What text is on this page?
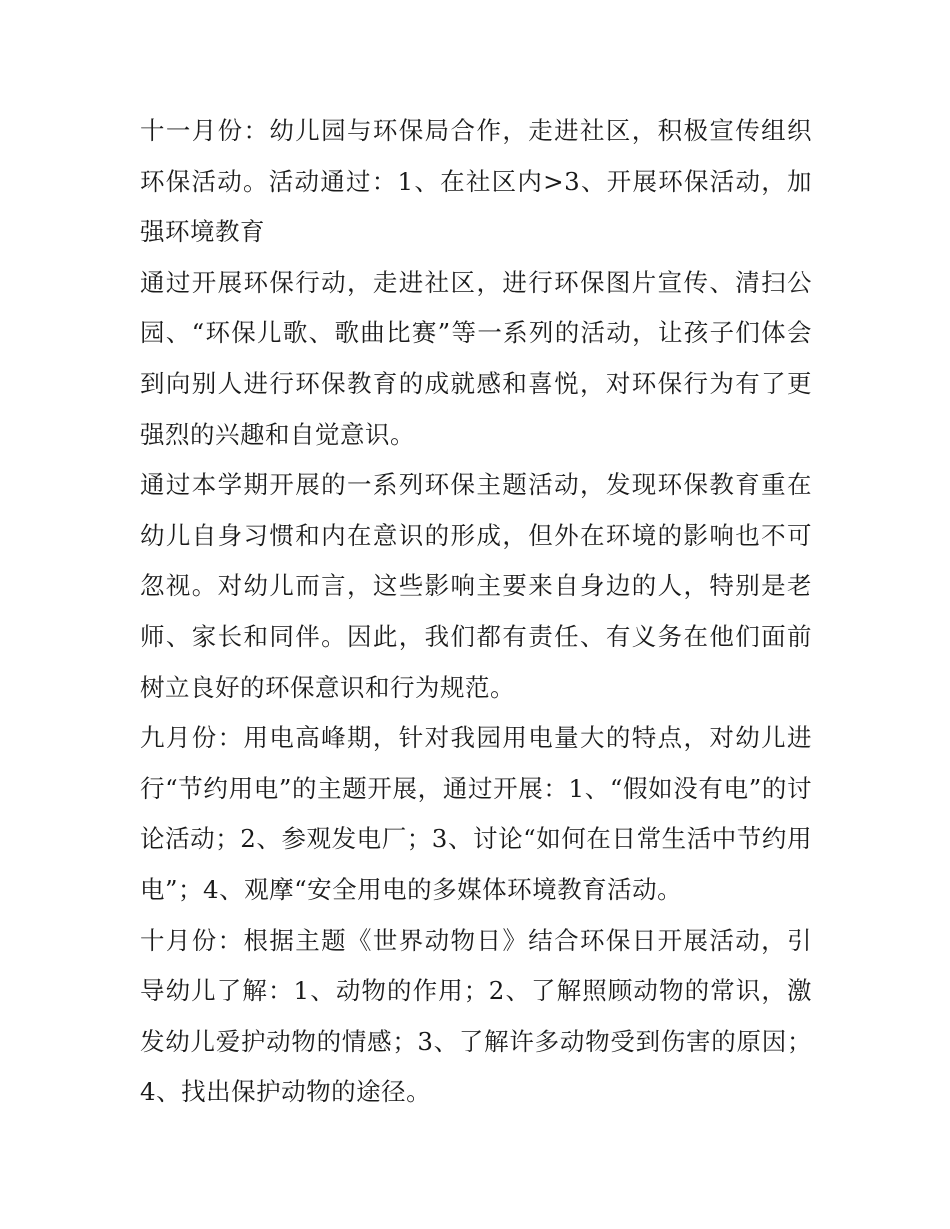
十一月份：幼儿园与环保局合作，走进社区，积极宣传组织环保活动。活动通过：1、在社区内>3、开展环保活动，加强环境教育

通过开展环保行动，走进社区，进行环保图片宣传、清扫公园、“环保儿歌、歌曲比赛”等一系列的活动，让孩子们体会到向别人进行环保教育的成就感和喜悦，对环保行为有了更强烈的兴趣和自觉意识。

通过本学期开展的一系列环保主题活动，发现环保教育重在幼儿自身习惯和内在意识的形成，但外在环境的影响也不可忽视。对幼儿而言，这些影响主要来自身边的人，特别是老师、家长和同伴。因此，我们都有责任、有义务在他们面前树立良好的环保意识和行为规范。

九月份：用电高峰期，针对我园用电量大的特点，对幼儿进行“节约用电”的主题开展，通过开展：1、“假如没有电”的讨论活动；2、参观发电厂；3、讨论“如何在日常生活中节约用电”；4、观摩“安全用电的多媒体环境教育活动。

十月份：根据主题《世界动物日》结合环保日开展活动，引导幼儿了解：1、动物的作用；2、了解照顾动物的常识，激发幼儿爱护动物的情感；3、了解许多动物受到伤害的原因；4、找出保护动物的途径。
